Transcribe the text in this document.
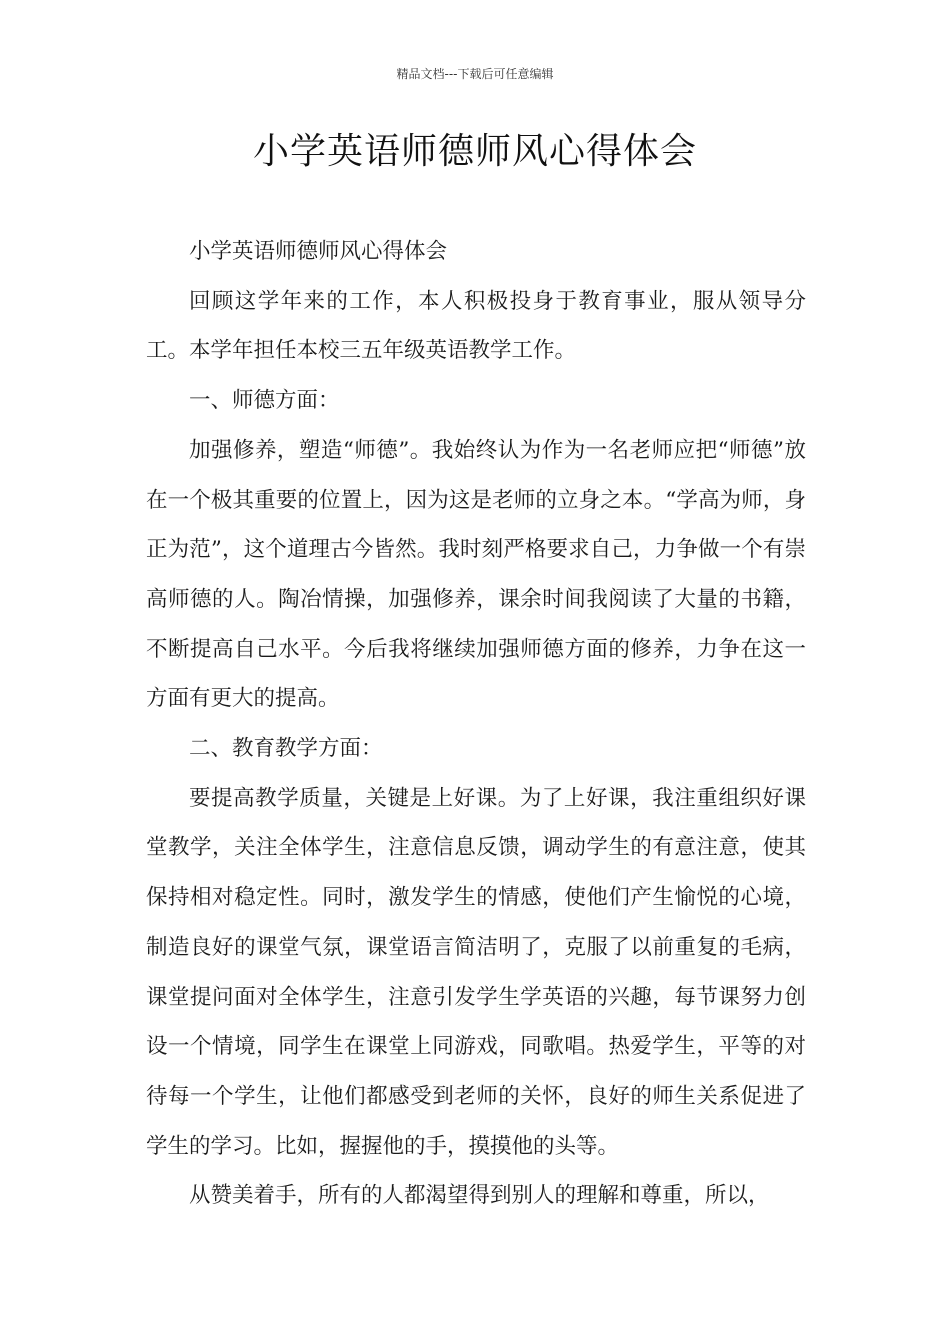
精品文档---下载后可任意编辑
小学英语师德师风心得体会

小学英语师德师风心得体会

回顾这学年来的工作，本人积极投身于教育事业，服从领导分工。本学年担任本校三五年级英语教学工作。

一、师德方面：

加强修养，塑造“师德”。我始终认为作为一名老师应把“师德”放在一个极其重要的位置上，因为这是老师的立身之本。“学高为师，身正为范”，这个道理古今皆然。我时刻严格要求自己，力争做一个有崇高师德的人。陶冶情操，加强修养，课余时间我阅读了大量的书籍，不断提高自己水平。今后我将继续加强师德方面的修养，力争在这一方面有更大的提高。

二、教育教学方面：

要提高教学质量，关键是上好课。为了上好课，我注重组织好课堂教学，关注全体学生，注意信息反馈，调动学生的有意注意，使其保持相对稳定性。同时，激发学生的情感，使他们产生愉悦的心境，制造良好的课堂气氛，课堂语言简洁明了，克服了以前重复的毛病，课堂提问面对全体学生，注意引发学生学英语的兴趣，每节课努力创设一个情境，同学生在课堂上同游戏，同歌唱。热爱学生，平等的对待每一个学生，让他们都感受到老师的关怀，良好的师生关系促进了学生的学习。比如，握握他的手，摸摸他的头等。

从赞美着手，所有的人都渴望得到别人的理解和尊重，所以，
